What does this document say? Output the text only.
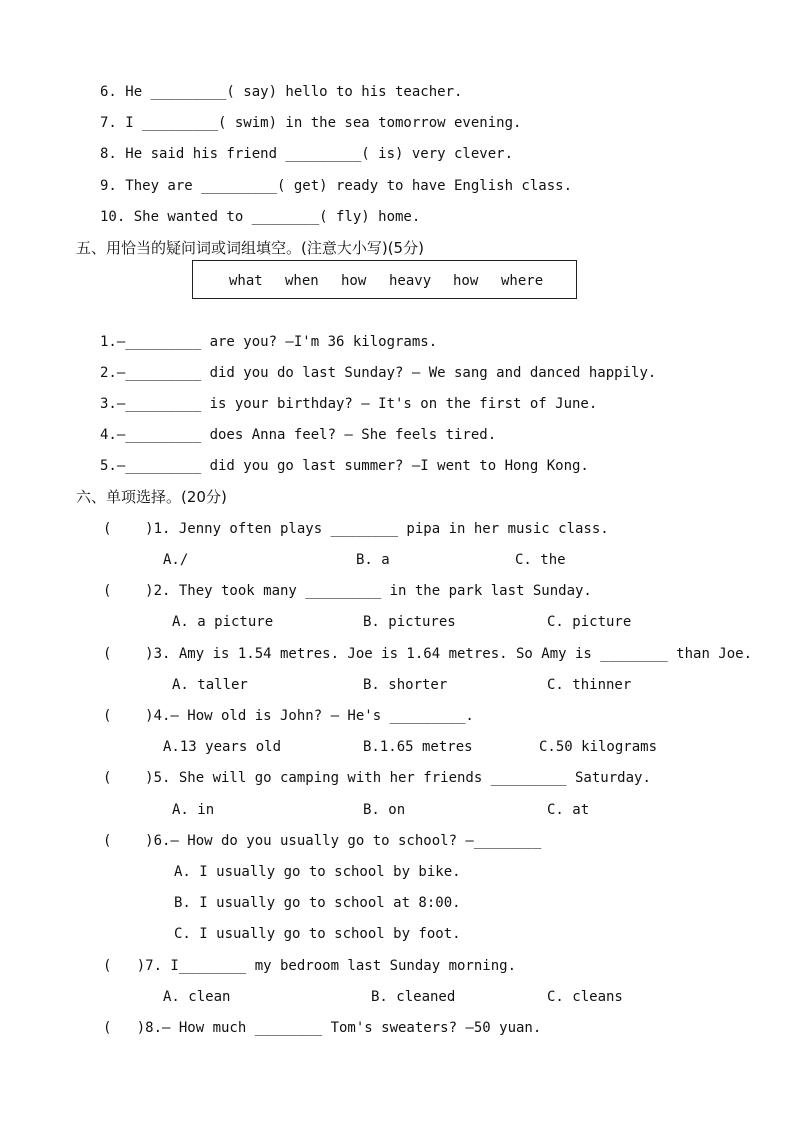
6. He _________( say) hello to his teacher.
7. I _________( swim) in the sea tomorrow evening.
8. He said his friend _________( is) very clever.
9. They are _________( get) ready to have English class.
10. She wanted to ________( fly) home.
五、用恰当的疑问词或词组填空。(注意大小写)(5分)
what when how heavy how where
1.—_________ are you? —I'm 36 kilograms.
2.—_________ did you do last Sunday? — We sang and danced happily.
3.—_________ is your birthday? — It's on the first of June.
4.—_________ does Anna feel? — She feels tired.
5.—_________ did you go last summer? —I went to Hong Kong.
六、单项选择。(20分)
(    )1. Jenny often plays ________ pipa in her music class.
A./	B. a	C. the
(    )2. They took many _________ in the park last Sunday.
A. a picture	B. pictures	C. picture
(    )3. Amy is 1.54 metres. Joe is 1.64 metres. So Amy is ________ than Joe.
A. taller	B. shorter	C. thinner
(    )4.— How old is John? — He's _________.
A.13 years old	B.1.65 metres	C.50 kilograms
(    )5. She will go camping with her friends _________ Saturday.
A. in	B. on	C. at
(    )6.— How do you usually go to school? —________
A. I usually go to school by bike.
B. I usually go to school at 8:00.
C. I usually go to school by foot.
(   )7. I________ my bedroom last Sunday morning.
A. clean	B. cleaned	C. cleans
(   )8.— How much ________ Tom's sweaters? —50 yuan.
